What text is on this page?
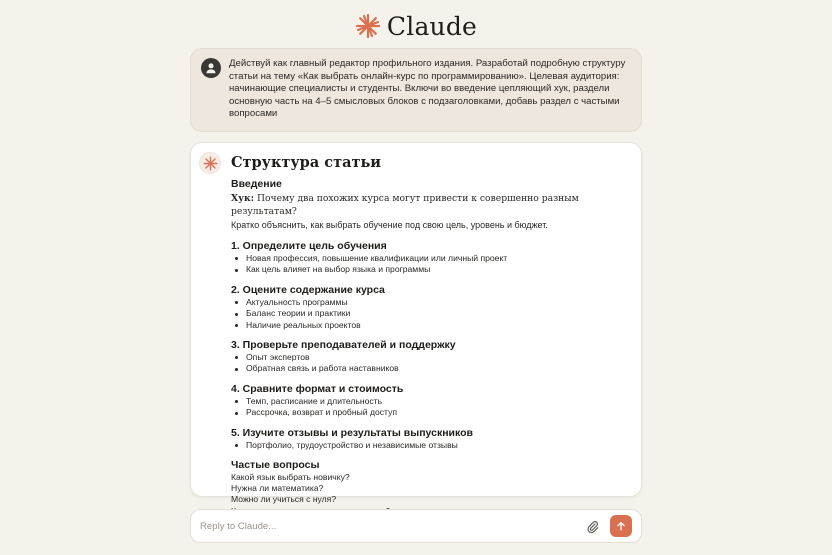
Claude

Действуй как главный редактор профильного издания. Разработай подробную структуру статьи на тему «Как выбрать онлайн-курс по программированию». Целевая аудитория: начинающие специалисты и студенты. Включи во введение цепляющий хук, раздели основную часть на 4–5 смысловых блоков с подзаголовками, добавь раздел с частыми вопросами

Структура статьи
Введение
Хук: Почему два похожих курса могут привести к совершенно разным результатам?
Кратко объяснить, как выбрать обучение под свою цель, уровень и бюджет.
1. Определите цель обучения
Новая профессия, повышение квалификации или личный проект
Как цель влияет на выбор языка и программы
2. Оцените содержание курса
Актуальность программы
Баланс теории и практики
Наличие реальных проектов
3. Проверьте преподавателей и поддержку
Опыт экспертов
Обратная связь и работа наставников
4. Сравните формат и стоимость
Темп, расписание и длительность
Рассрочка, возврат и пробный доступ
5. Изучите отзывы и результаты выпускников
Портфолио, трудоустройство и независимые отзывы
Частые вопросы
Какой язык выбрать новичку?
Нужна ли математика?
Можно ли учиться с нуля?
Reply to Claude...
